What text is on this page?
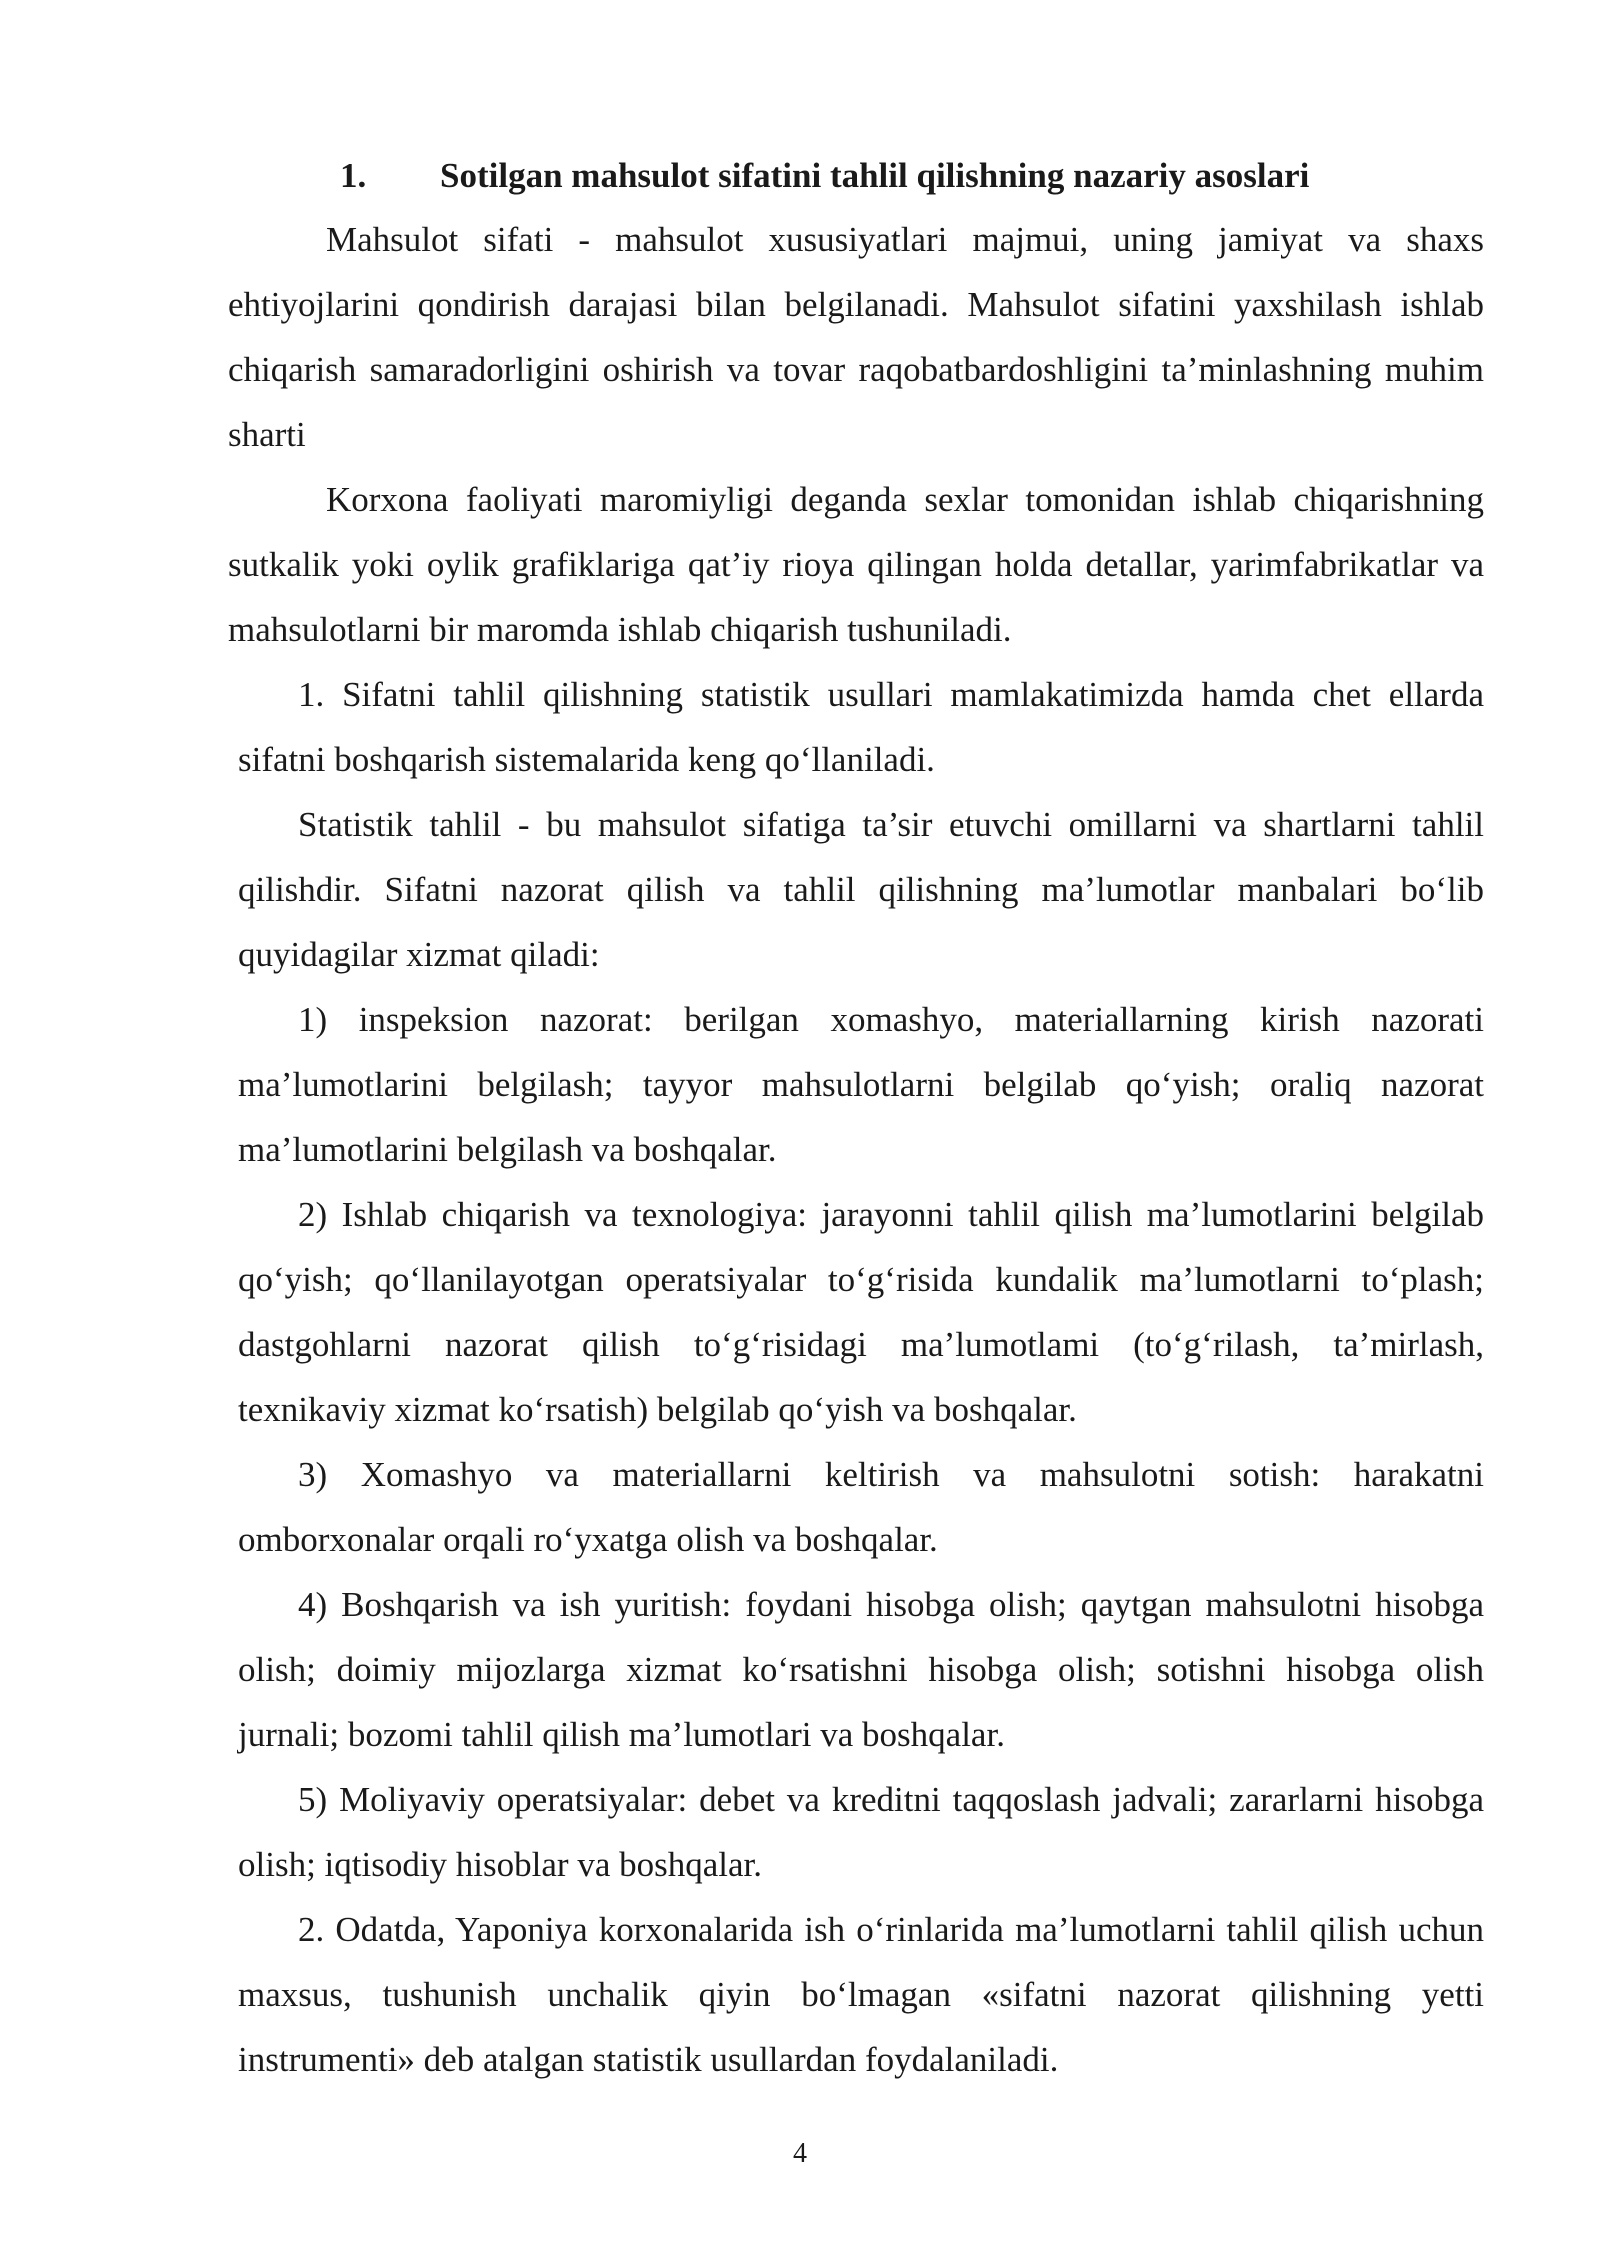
1. Sotilgan mahsulot sifatini tahlil qilishning nazariy asoslari

Mahsulot sifati - mahsulot xususiyatlari majmui, uning jamiyat va shaxs ehtiyojlarini qondirish darajasi bilan belgilanadi. Mahsulot sifatini yaxshilash ishlab chiqarish samaradorligini oshirish va tovar raqobatbardoshligini ta’minlashning muhim sharti

Korxona faoliyati maromiyligi deganda sexlar tomonidan ishlab chiqarishning sutkalik yoki oylik grafiklariga qat’iy rioya qilingan holda detallar, yarimfabrikatlar va mahsulotlarni bir maromda ishlab chiqarish tushuniladi.

1. Sifatni tahlil qilishning statistik usullari mamlakatimizda hamda chet ellarda sifatni boshqarish sistemalarida keng qo‘llaniladi.

Statistik tahlil - bu mahsulot sifatiga ta’sir etuvchi omillarni va shartlarni tahlil qilishdir. Sifatni nazorat qilish va tahlil qilishning ma’lumotlar manbalari bo‘lib quyidagilar xizmat qiladi:

1) inspeksion nazorat: berilgan xomashyo, materiallarning kirish nazorati ma’lumotlarini belgilash; tayyor mahsulotlarni belgilab qo‘yish; oraliq nazorat ma’lumotlarini belgilash va boshqalar.

2) Ishlab chiqarish va texnologiya: jarayonni tahlil qilish ma’lumotlarini belgilab qo‘yish; qo‘llanilayotgan operatsiyalar to‘g‘risida kundalik ma’lumotlarni to‘plash; dastgohlarni nazorat qilish to‘g‘risidagi ma’lumotlami (to‘g‘rilash, ta’mirlash, texnikaviy xizmat ko‘rsatish) belgilab qo‘yish va boshqalar.

3) Xomashyo va materiallarni keltirish va mahsulotni sotish: harakatni omborxonalar orqali ro‘yxatga olish va boshqalar.

4) Boshqarish va ish yuritish: foydani hisobga olish; qaytgan mahsulotni hisobga olish; doimiy mijozlarga xizmat ko‘rsatishni hisobga olish; sotishni hisobga olish jurnali; bozomi tahlil qilish ma’lumotlari va boshqalar.

5) Moliyaviy operatsiyalar: debet va kreditni taqqoslash jadvali; zararlarni hisobga olish; iqtisodiy hisoblar va boshqalar.

2. Odatda, Yaponiya korxonalarida ish o‘rinlarida ma’lumotlarni tahlil qilish uchun maxsus, tushunish unchalik qiyin bo‘lmagan «sifatni nazorat qilishning yetti instrumenti» deb atalgan statistik usullardan foydalaniladi.

4
